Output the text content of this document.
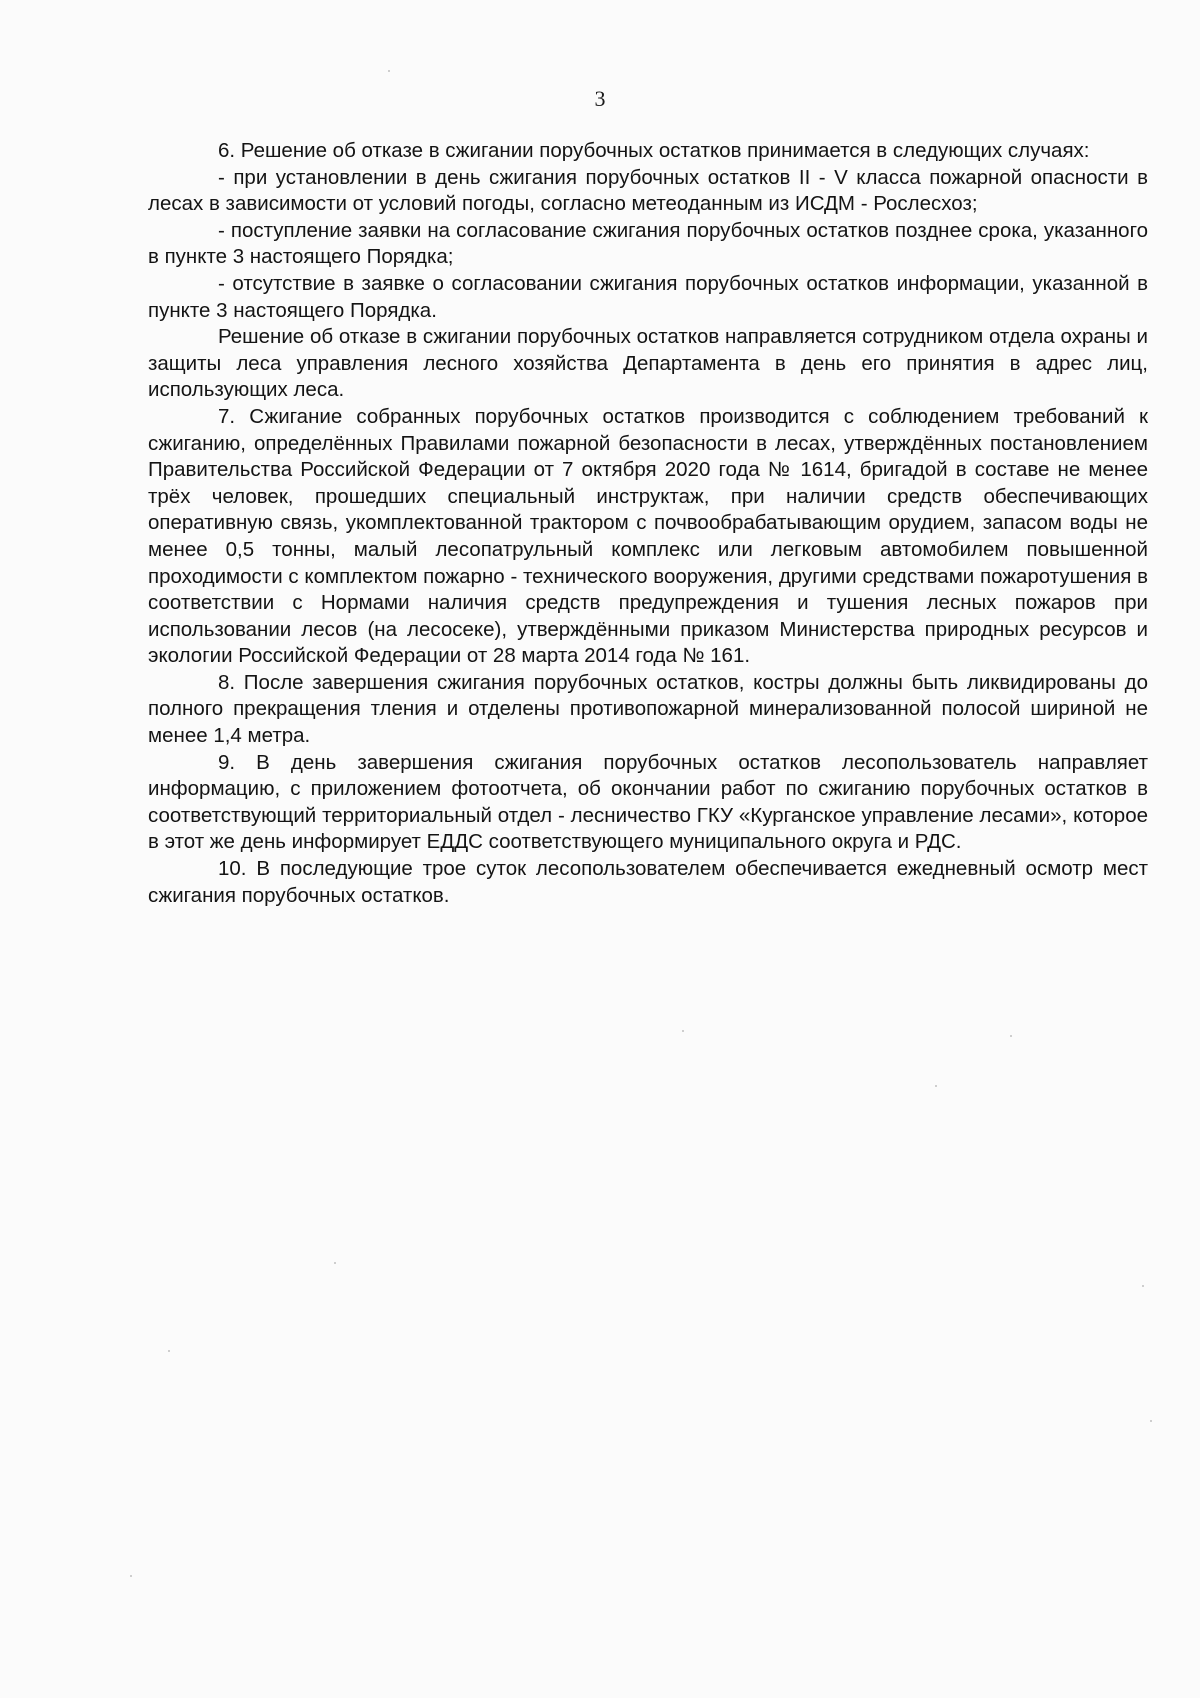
3

6. Решение об отказе в сжигании порубочных остатков принимается в следующих случаях:

- при установлении в день сжигания порубочных остатков II - V класса пожарной опасности в лесах в зависимости от условий погоды, согласно метеоданным из ИСДМ - Рослесхоз;

- поступление заявки на согласование сжигания порубочных остатков позднее срока, указанного в пункте 3 настоящего Порядка;

- отсутствие в заявке о согласовании сжигания порубочных остатков информации, указанной в пункте 3 настоящего Порядка.

Решение об отказе в сжигании порубочных остатков направляется сотрудником отдела охраны и защиты леса управления лесного хозяйства Департамента в день его принятия в адрес лиц, использующих леса.

7. Сжигание собранных порубочных остатков производится с соблюдением требований к сжиганию, определённых Правилами пожарной безопасности в лесах, утверждённых постановлением Правительства Российской Федерации от 7 октября 2020 года № 1614, бригадой в составе не менее трёх человек, прошедших специальный инструктаж, при наличии средств обеспечивающих оперативную связь, укомплектованной трактором с почвообрабатывающим орудием, запасом воды не менее 0,5 тонны, малый лесопатрульный комплекс или легковым автомобилем повышенной проходимости с комплектом пожарно - технического вооружения, другими средствами пожаротушения в соответствии с Нормами наличия средств предупреждения и тушения лесных пожаров при использовании лесов (на лесосеке), утверждёнными приказом Министерства природных ресурсов и экологии Российской Федерации от 28 марта 2014 года № 161.

8. После завершения сжигания порубочных остатков, костры должны быть ликвидированы до полного прекращения тления и отделены противопожарной минерализованной полосой шириной не менее 1,4 метра.

9. В день завершения сжигания порубочных остатков лесопользователь направляет информацию, с приложением фотоотчета, об окончании работ по сжиганию порубочных остатков в соответствующий территориальный отдел - лесничество ГКУ «Курганское управление лесами», которое в этот же день информирует ЕДДС соответствующего муниципального округа и РДС.

10. В последующие трое суток лесопользователем обеспечивается ежедневный осмотр мест сжигания порубочных остатков.
